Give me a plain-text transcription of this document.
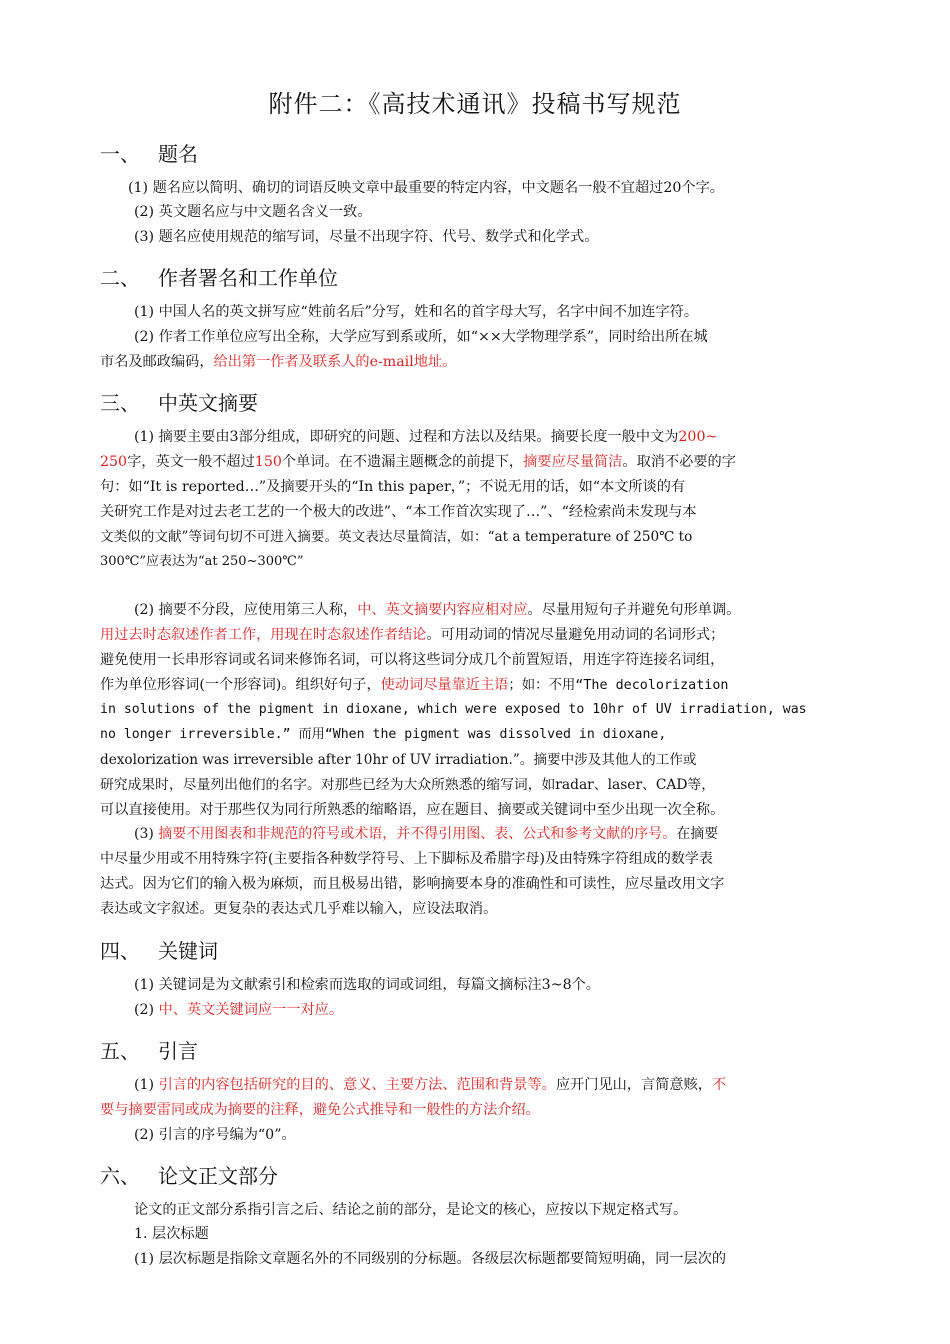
附件二：《高技术通讯》投稿书写规范
一、 题名
(1) 题名应以简明、确切的词语反映文章中最重要的特定内容，中文题名一般不宜超过20个字。
(2) 英文题名应与中文题名含义一致。
(3) 题名应使用规范的缩写词，尽量不出现字符、代号、数学式和化学式。
二、 作者署名和工作单位
(1) 中国人名的英文拼写应“姓前名后”分写，姓和名的首字母大写，名字中间不加连字符。
(2) 作者工作单位应写出全称，大学应写到系或所，如“××大学物理学系”，同时给出所在城
市名及邮政编码，给出第一作者及联系人的e-mail地址。
三、 中英文摘要
(1) 摘要主要由3部分组成，即研究的问题、过程和方法以及结果。摘要长度一般中文为200~
250字，英文一般不超过150个单词。在不遗漏主题概念的前提下，摘要应尽量简洁。取消不必要的字
句：如“It is reported…”及摘要开头的“In this paper，”；不说无用的话，如“本文所谈的有
关研究工作是对过去老工艺的一个极大的改进”、“本工作首次实现了…”、“经检索尚未发现与本
文类似的文献”等词句切不可进入摘要。英文表达尽量简洁，如：“at a temperature of 250℃ to
300℃”应表达为“at 250~300℃”
(2) 摘要不分段，应使用第三人称，中、英文摘要内容应相对应。尽量用短句子并避免句形单调。
用过去时态叙述作者工作，用现在时态叙述作者结论。可用动词的情况尽量避免用动词的名词形式；
避免使用一长串形容词或名词来修饰名词，可以将这些词分成几个前置短语，用连字符连接名词组，
作为单位形容词(一个形容词)。组织好句子，使动词尽量靠近主语；如：不用“The decolorization
in solutions of the pigment in dioxane, which were exposed to 10hr of UV irradiation, was
no longer irreversible.” 而用“When the pigment was dissolved in dioxane,
dexolorization was irreversible after 10hr of UV irradiation.”。摘要中涉及其他人的工作或
研究成果时，尽量列出他们的名字。对那些已经为大众所熟悉的缩写词，如radar、laser、CAD等，
可以直接使用。对于那些仅为同行所熟悉的缩略语，应在题目、摘要或关键词中至少出现一次全称。
(3) 摘要不用图表和非规范的符号或术语，并不得引用图、表、公式和参考文献的序号。在摘要
中尽量少用或不用特殊字符(主要指各种数学符号、上下脚标及希腊字母)及由特殊字符组成的数学表
达式。因为它们的输入极为麻烦，而且极易出错，影响摘要本身的准确性和可读性，应尽量改用文字
表达或文字叙述。更复杂的表达式几乎难以输入，应设法取消。
四、 关键词
(1) 关键词是为文献索引和检索而选取的词或词组，每篇文摘标注3~8个。
(2) 中、英文关键词应一一对应。
五、 引言
(1) 引言的内容包括研究的目的、意义、主要方法、范围和背景等。应开门见山，言简意赅，不
要与摘要雷同或成为摘要的注释，避免公式推导和一般性的方法介绍。
(2) 引言的序号编为“0”。
六、 论文正文部分
论文的正文部分系指引言之后、结论之前的部分，是论文的核心，应按以下规定格式写。
1. 层次标题
(1) 层次标题是指除文章题名外的不同级别的分标题。各级层次标题都要简短明确，同一层次的
